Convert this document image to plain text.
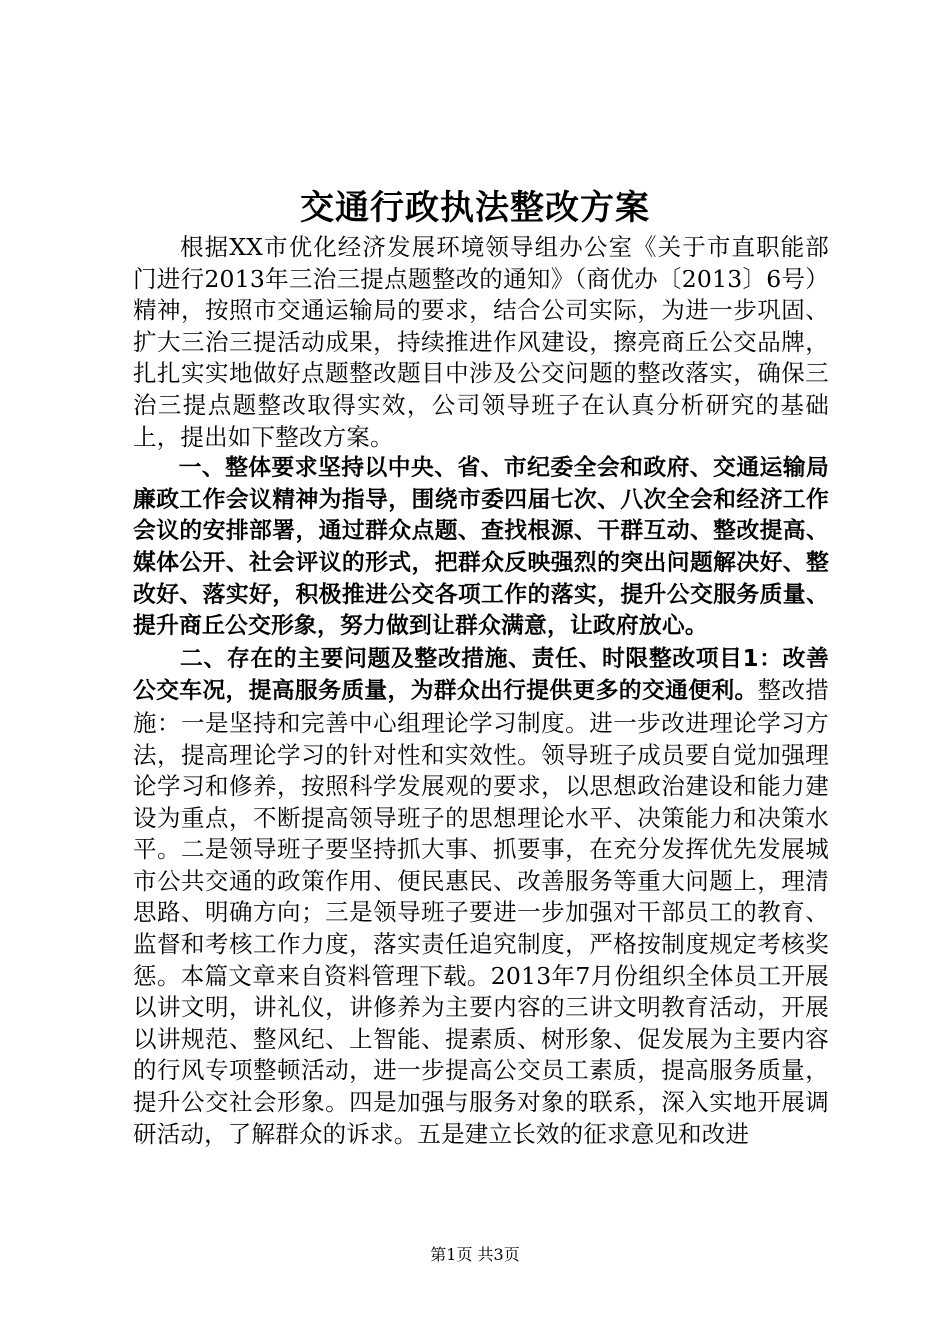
交通行政执法整改方案

根据XX市优化经济发展环境领导组办公室《关于市直职能部门进行2013年三治三提点题整改的通知》（商优办〔2013〕6号）精神，按照市交通运输局的要求，结合公司实际，为进一步巩固、扩大三治三提活动成果，持续推进作风建设，擦亮商丘公交品牌，扎扎实实地做好点题整改题目中涉及公交问题的整改落实，确保三治三提点题整改取得实效，公司领导班子在认真分析研究的基础上，提出如下整改方案。

一、整体要求坚持以中央、省、市纪委全会和政府、交通运输局廉政工作会议精神为指导，围绕市委四届七次、八次全会和经济工作会议的安排部署，通过群众点题、查找根源、干群互动、整改提高、媒体公开、社会评议的形式，把群众反映强烈的突出问题解决好、整改好、落实好，积极推进公交各项工作的落实，提升公交服务质量、提升商丘公交形象，努力做到让群众满意，让政府放心。

二、存在的主要问题及整改措施、责任、时限整改项目1：改善公交车况，提高服务质量，为群众出行提供更多的交通便利。整改措施：一是坚持和完善中心组理论学习制度。进一步改进理论学习方法，提高理论学习的针对性和实效性。领导班子成员要自觉加强理论学习和修养，按照科学发展观的要求，以思想政治建设和能力建设为重点，不断提高领导班子的思想理论水平、决策能力和决策水平。二是领导班子要坚持抓大事、抓要事，在充分发挥优先发展城市公共交通的政策作用、便民惠民、改善服务等重大问题上，理清思路、明确方向；三是领导班子要进一步加强对干部员工的教育、监督和考核工作力度，落实责任追究制度，严格按制度规定考核奖惩。本篇文章来自资料管理下载。2013年7月份组织全体员工开展以讲文明，讲礼仪，讲修养为主要内容的三讲文明教育活动，开展以讲规范、整风纪、上智能、提素质、树形象、促发展为主要内容的行风专项整顿活动，进一步提高公交员工素质，提高服务质量，提升公交社会形象。四是加强与服务对象的联系，深入实地开展调研活动，了解群众的诉求。五是建立长效的征求意见和改进

第1页 共3页
